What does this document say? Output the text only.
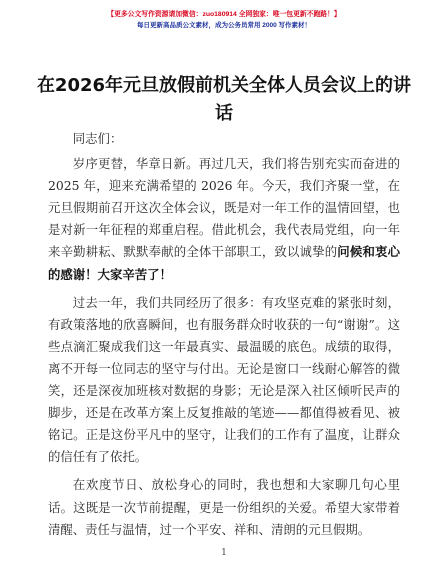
【更多公文写作资源请加微信：zuo180914 全网独家：唯一包更新不跑路！】
每日更新高品质公文素材，成为公务员常用 2000 写作素材！
在2026年元旦放假前机关全体人员会议上的讲话

同志们：

岁序更替，华章日新。再过几天，我们将告别充实而奋进的 2025 年，迎来充满希望的 2026 年。今天，我们齐聚一堂，在元旦假期前召开这次全体会议，既是对一年工作的温情回望，也是对新一年征程的郑重启程。借此机会，我代表局党组，向一年来辛勤耕耘、默默奉献的全体干部职工，致以诚挚的问候和衷心的感谢！大家辛苦了！

过去一年，我们共同经历了很多：有攻坚克难的紧张时刻，有政策落地的欣喜瞬间，也有服务群众时收获的一句“谢谢”。这些点滴汇聚成我们这一年最真实、最温暖的底色。成绩的取得，离不开每一位同志的坚守与付出。无论是窗口一线耐心解答的微笑，还是深夜加班核对数据的身影；无论是深入社区倾听民声的脚步，还是在改革方案上反复推敲的笔迹——都值得被看见、被铭记。正是这份平凡中的坚守，让我们的工作有了温度，让群众的信任有了依托。

在欢度节日、放松身心的同时，我也想和大家聊几句心里话。这既是一次节前提醒，更是一份组织的关爱。希望大家带着清醒、责任与温情，过一个平安、祥和、清朗的元旦假期。

1
